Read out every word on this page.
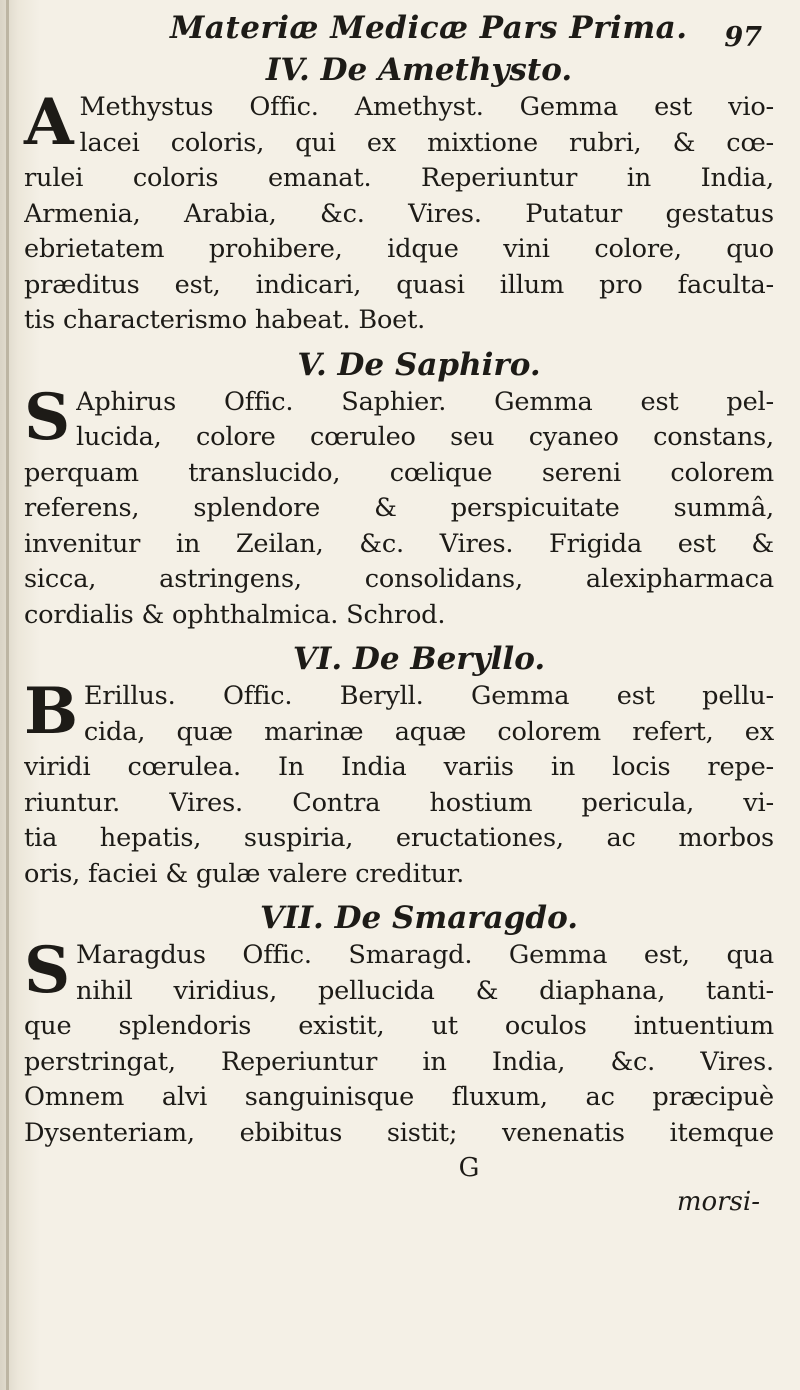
Materiæ Medicæ Pars Prima. 97
IV. De Amethysto.
A Methystus Offic. Amethyst. Gemma est vio-
lacei coloris, qui ex mixtione rubri, & cœ-
rulei coloris emanat. Reperiuntur in India,
Armenia, Arabia, &c. Vires. Putatur gestatus
ebrietatem prohibere, idque vini colore, quo
præditus est, indicari, quasi illum pro faculta-
tis characterismo habeat. Boet.
V. De Saphiro.
S Aphirus Offic. Saphier. Gemma est pel-
lucida, colore cœruleo seu cyaneo constans,
perquam translucido, cœlique sereni colorem
referens, splendore & perspicuitate summâ,
invenitur in Zeilan, &c. Vires. Frigida est &
sicca, astringens, consolidans, alexipharmaca
cordialis & ophthalmica. Schrod.
VI. De Beryllo.
B Erillus. Offic. Beryll. Gemma est pellu-
cida, quæ marinæ aquæ colorem refert, ex
viridi cœrulea. In India variis in locis repe-
riuntur. Vires. Contra hostium pericula, vi-
tia hepatis, suspiria, eructationes, ac morbos
oris, faciei & gulæ valere creditur.
VII. De Smaragdo.
S Maragdus Offic. Smaragd. Gemma est, qua
nihil viridius, pellucida & diaphana, tanti-
que splendoris existit, ut oculos intuentium
perstringat, Reperiuntur in India, &c. Vires.
Omnem alvi sanguinisque fluxum, ac præcipuè
Dysenteriam, ebibitus sistit; venenatis itemque

G

morsi-
